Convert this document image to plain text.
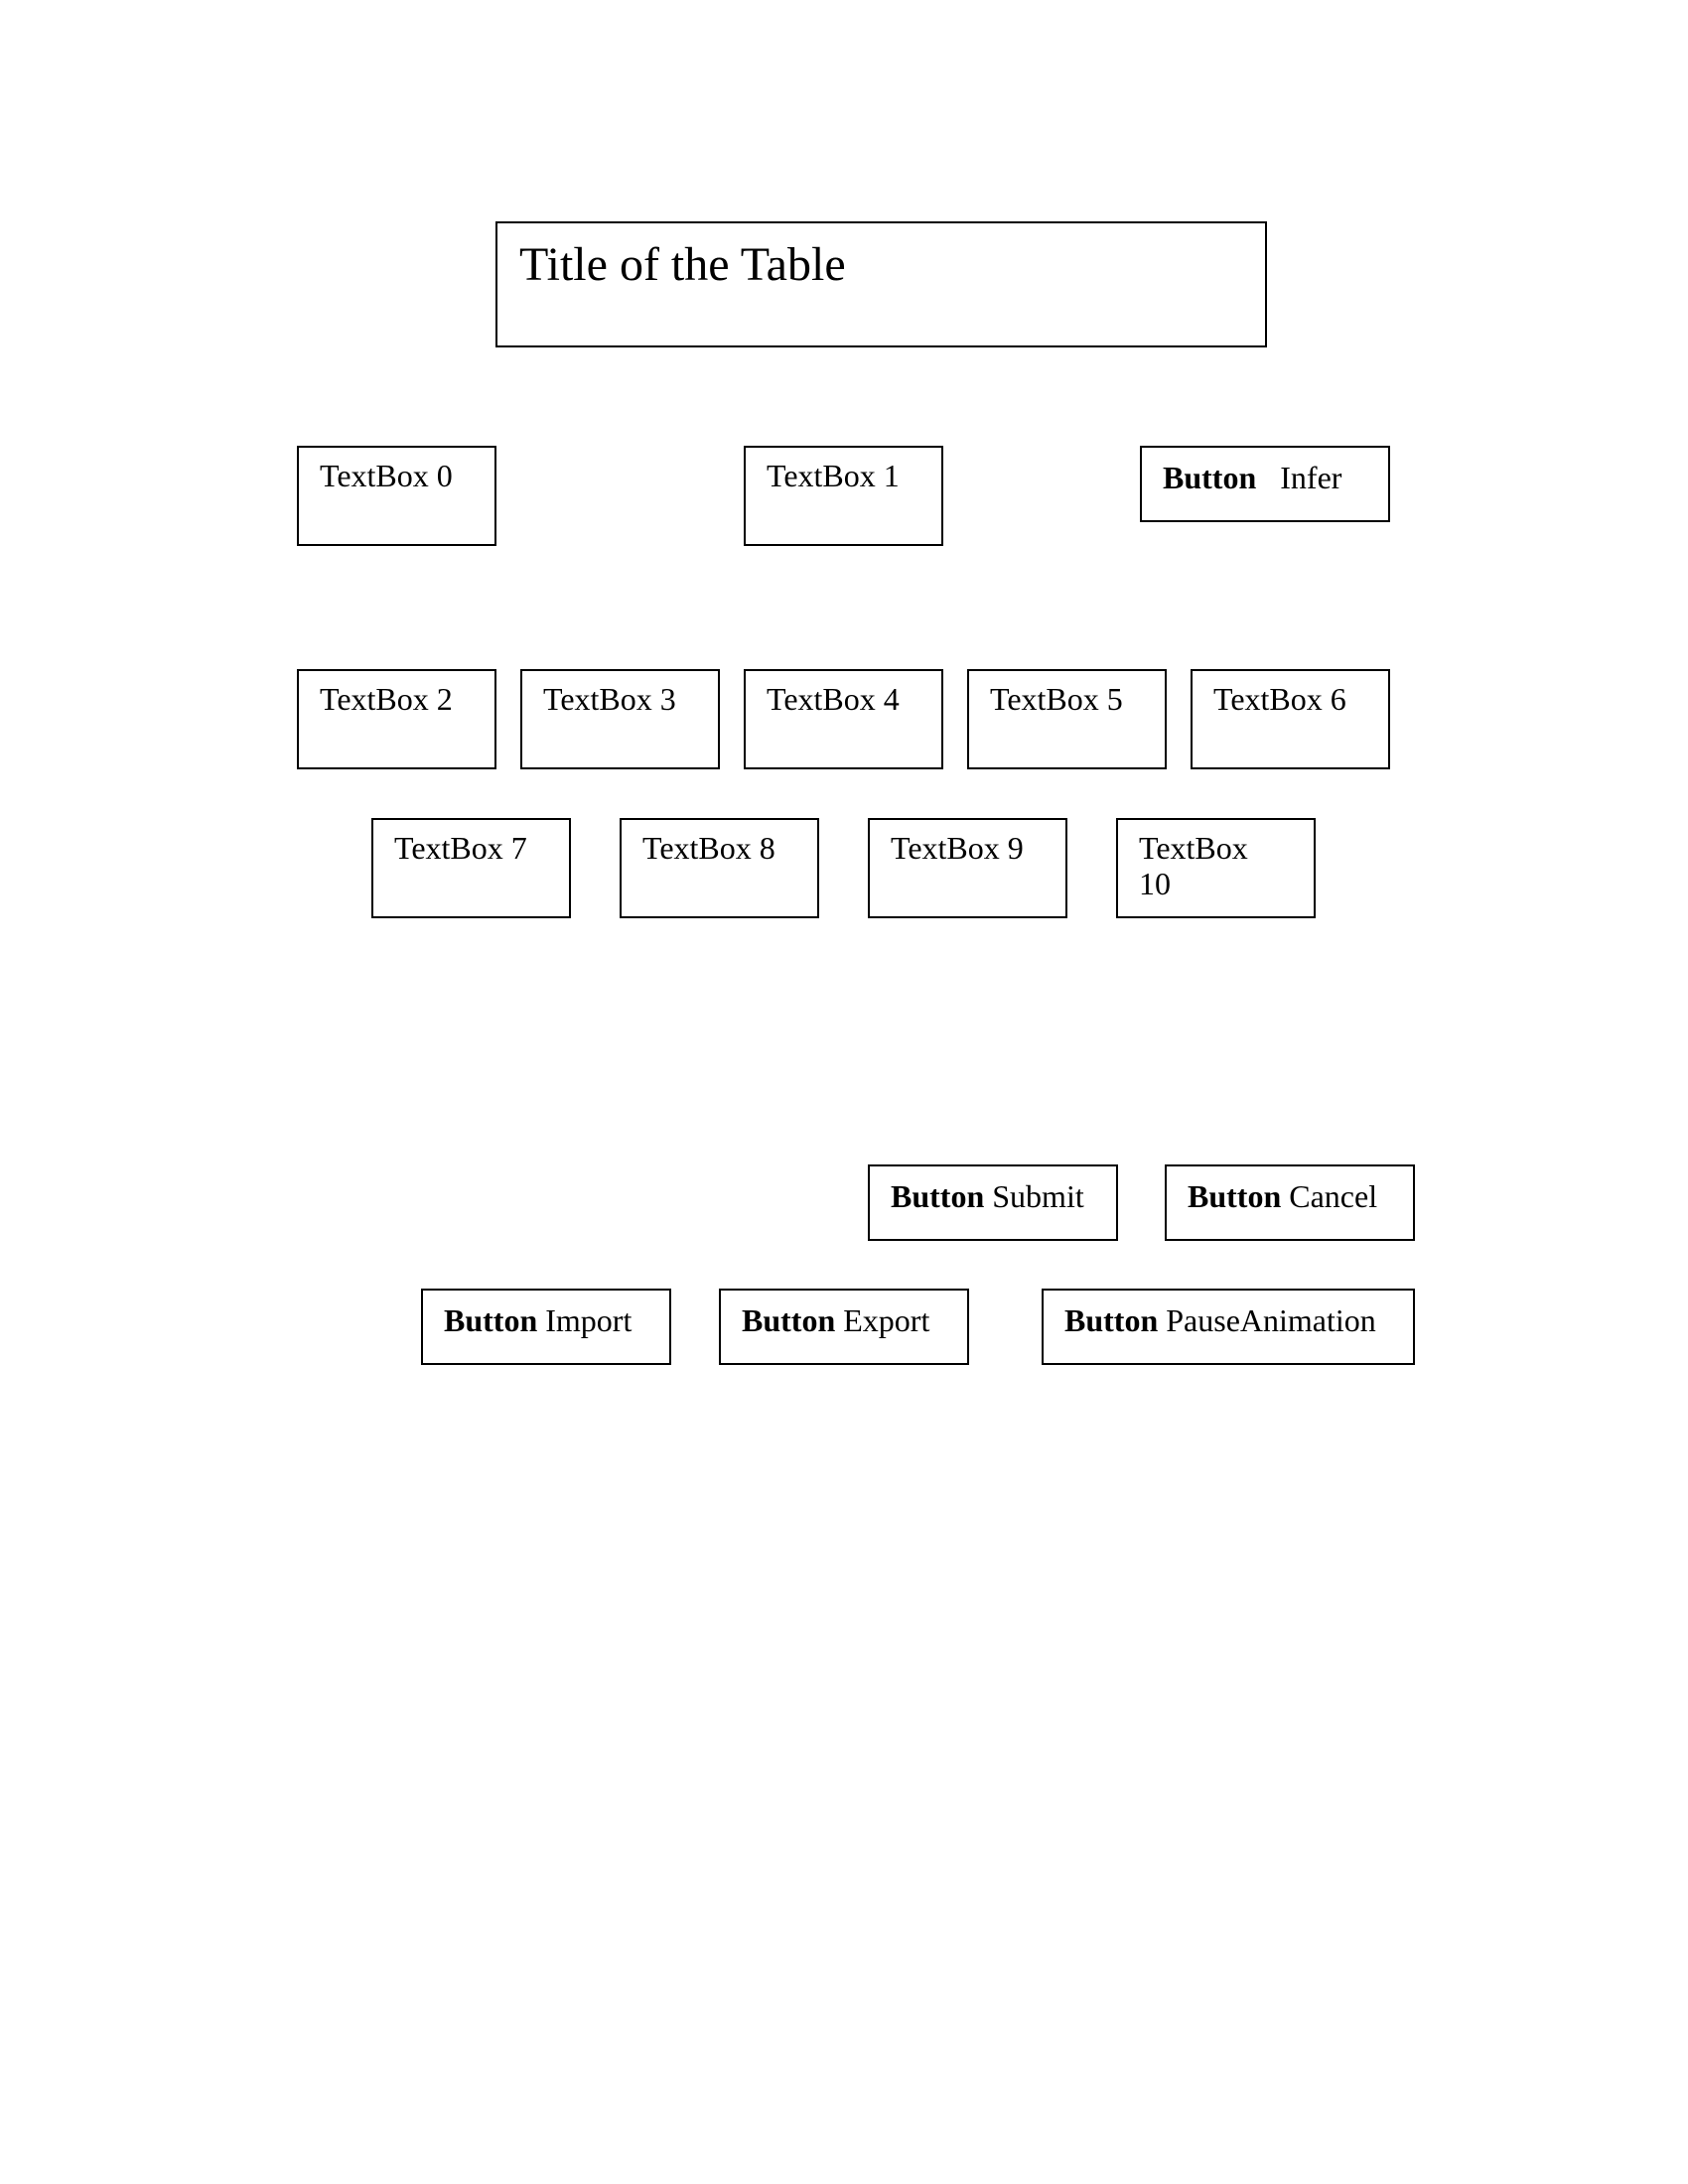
Title of the Table
TextBox 0	TextBox 1	Button Infer
TextBox 2	TextBox 3	TextBox 4	TextBox 5	TextBox 6
TextBox 7	TextBox 8	TextBox 9	TextBox 10
Button Submit	Button Cancel
Button Import	Button Export	Button PauseAnimation
